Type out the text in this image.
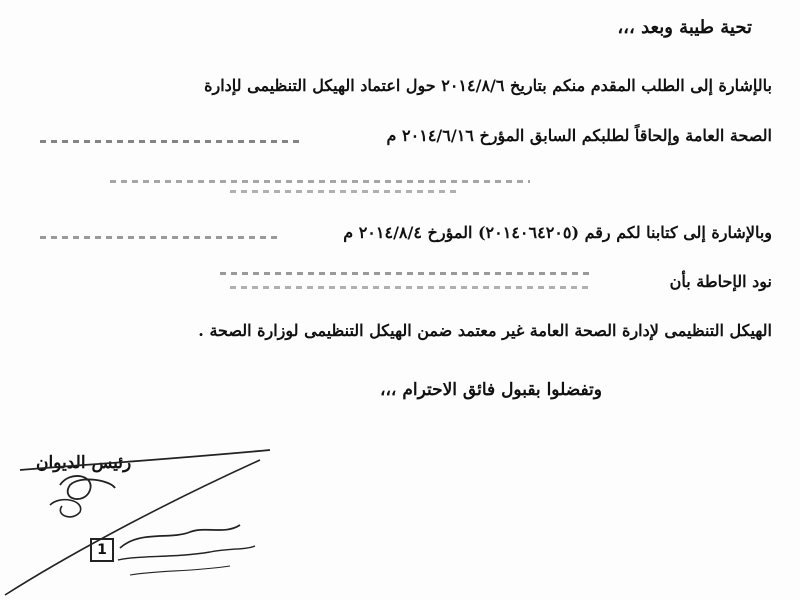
تحية طيبة وبعد ،،،
بالإشارة إلى الطلب المقدم منكم بتاريخ ٢٠١٤/٨/٦ حول اعتماد الهيكل التنظيمى لإدارة
الصحة العامة وإلحاقاً لطلبكم السابق المؤرخ ٢٠١٤/٦/١٦ م
وبالإشارة إلى كتابنا لكم رقم (٢٠١٤٠٦٤٢٠٥) المؤرخ ٢٠١٤/٨/٤ م
نود الإحاطة بأن
الهيكل التنظيمى لإدارة الصحة العامة غير معتمد ضمن الهيكل التنظيمى لوزارة الصحة .
وتفضلوا بقبول فائق الاحترام ،،،
رئيس الديوان
1
